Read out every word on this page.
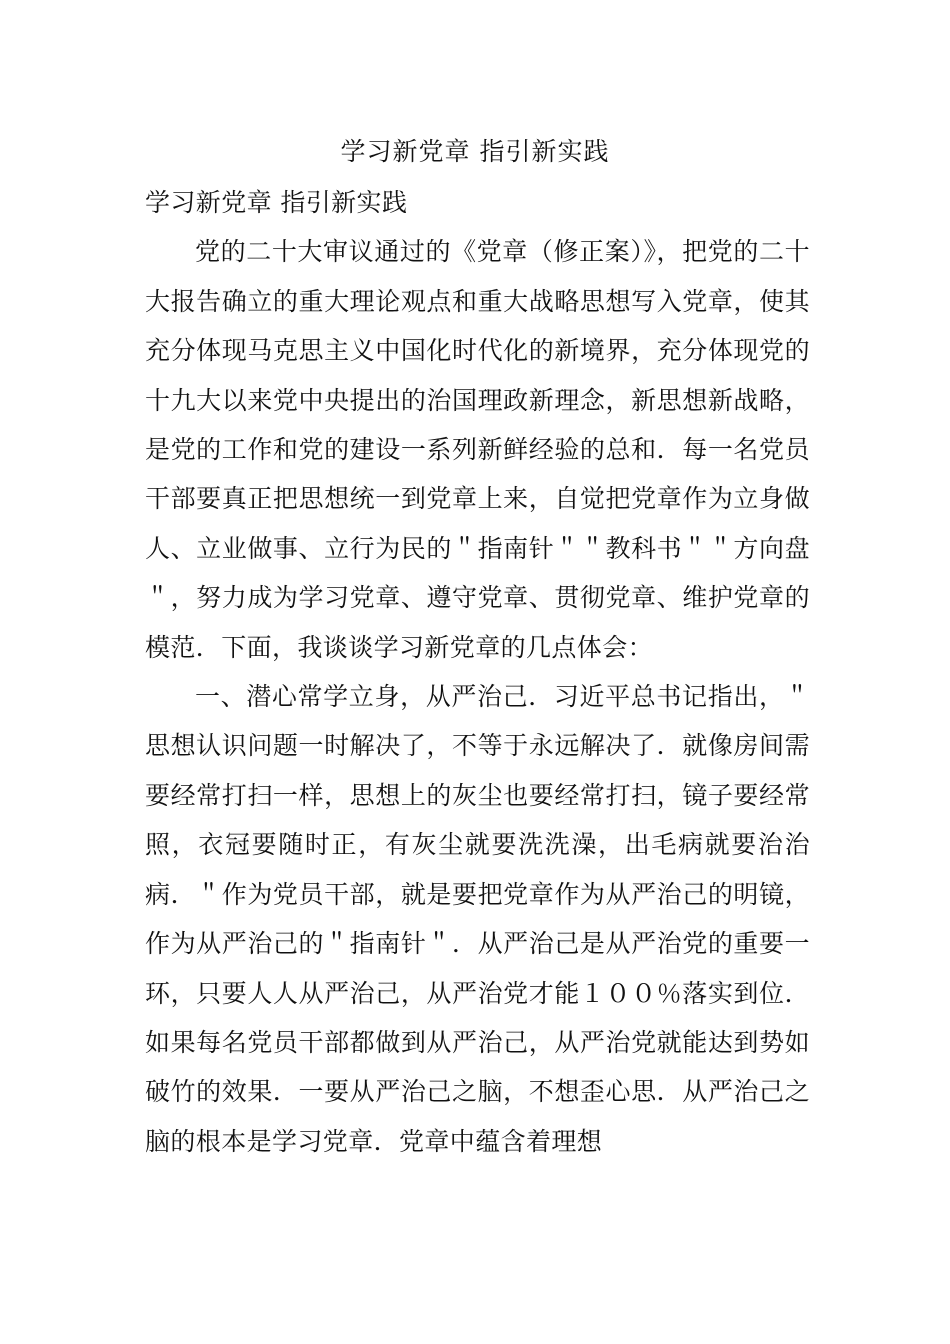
学习新党章 指引新实践

学习新党章 指引新实践

党的二十大审议通过的《党章（修正案）》，把党的二十大报告确立的重大理论观点和重大战略思想写入党章，使其充分体现马克思主义中国化时代化的新境界，充分体现党的十九大以来党中央提出的治国理政新理念，新思想新战略，是党的工作和党的建设一系列新鲜经验的总和．每一名党员干部要真正把思想统一到党章上来，自觉把党章作为立身做人、立业做事、立行为民的＂指南针＂＂教科书＂＂方向盘＂，努力成为学习党章、遵守党章、贯彻党章、维护党章的模范．下面，我谈谈学习新党章的几点体会：

一、潜心常学立身，从严治己．习近平总书记指出，＂思想认识问题一时解决了，不等于永远解决了．就像房间需要经常打扫一样，思想上的灰尘也要经常打扫，镜子要经常照，衣冠要随时正，有灰尘就要洗洗澡，出毛病就要治治病．＂作为党员干部，就是要把党章作为从严治己的明镜，作为从严治己的＂指南针＂．从严治己是从严治党的重要一环，只要人人从严治己，从严治党才能１００％落实到位．如果每名党员干部都做到从严治己，从严治党就能达到势如破竹的效果．一要从严治己之脑，不想歪心思．从严治己之脑的根本是学习党章．党章中蕴含着理想
